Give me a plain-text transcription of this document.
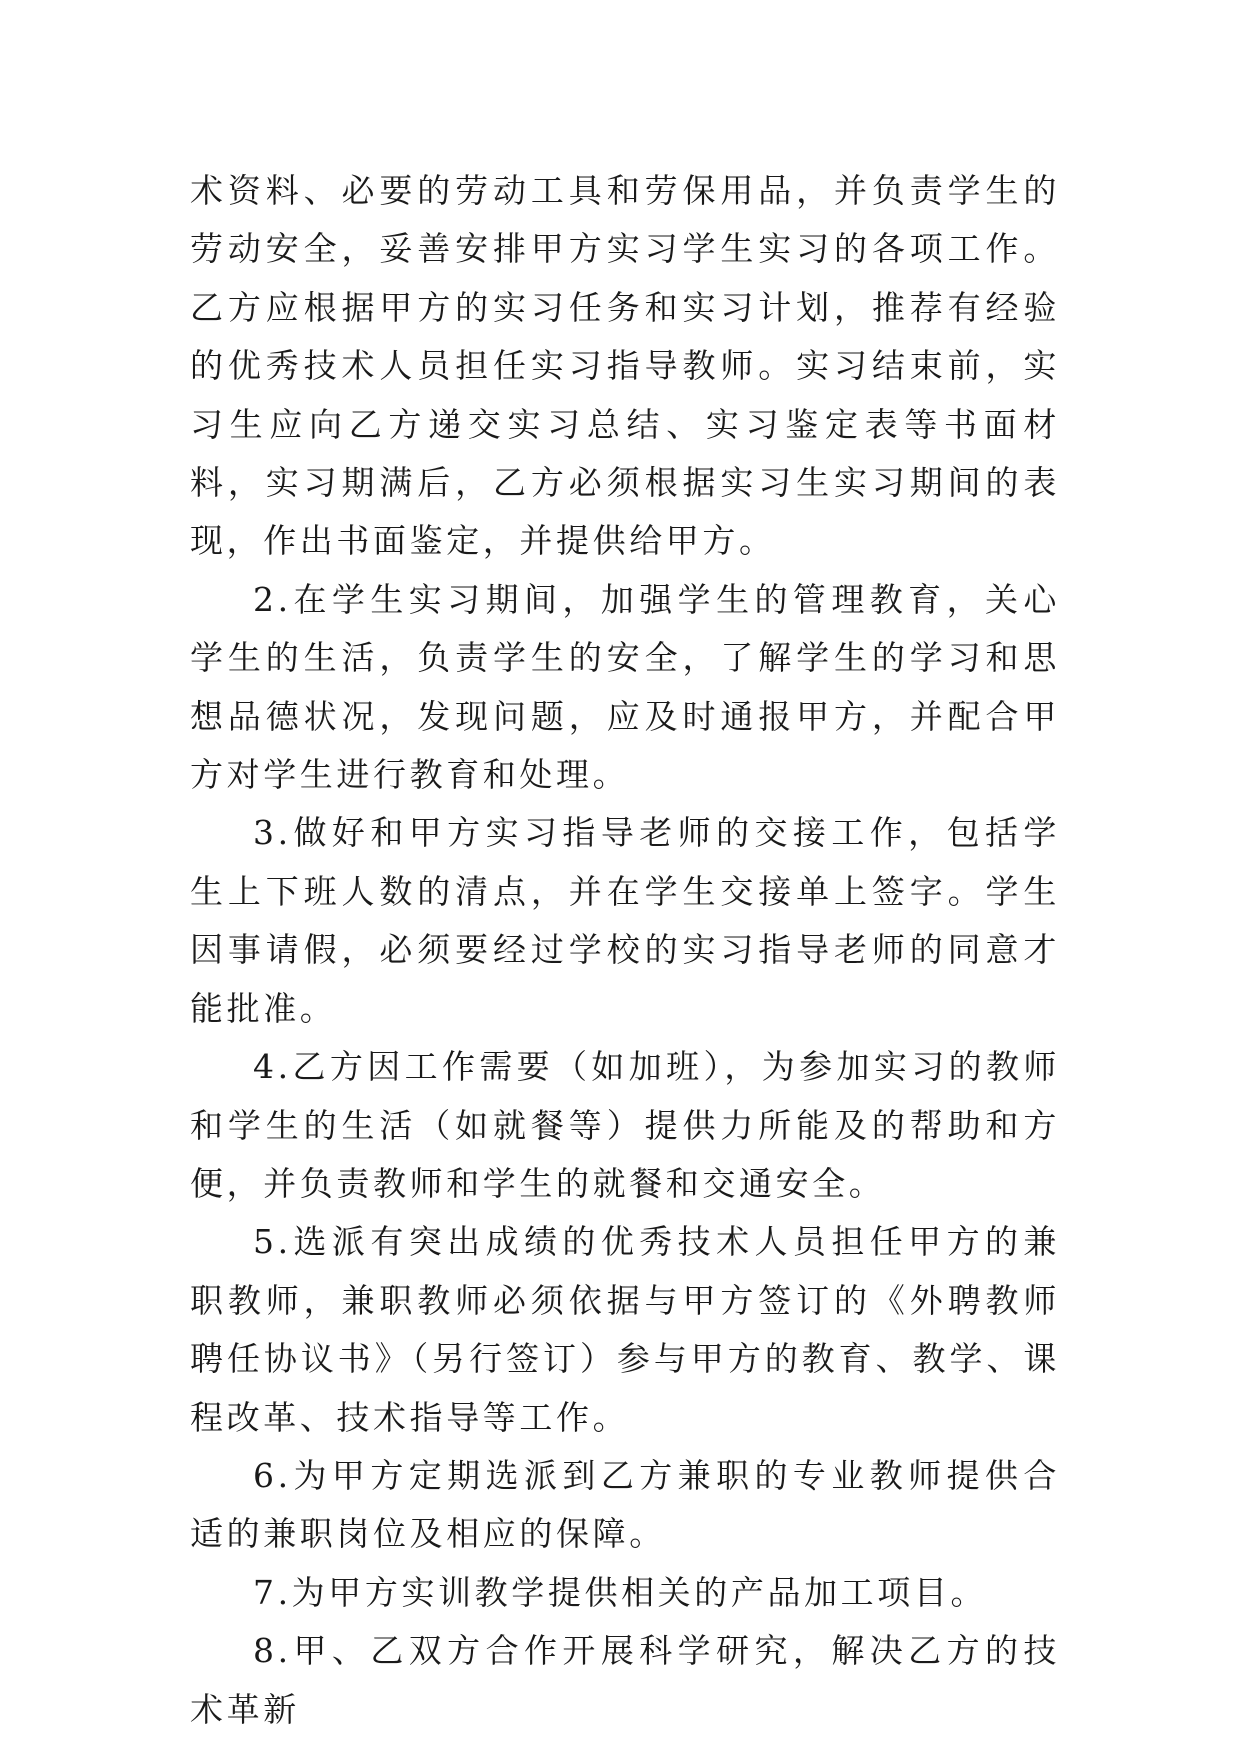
术资料、必要的劳动工具和劳保用品，并负责学生的劳动安全，妥善安排甲方实习学生实习的各项工作。乙方应根据甲方的实习任务和实习计划，推荐有经验的优秀技术人员担任实习指导教师。实习结束前，实习生应向乙方递交实习总结、实习鉴定表等书面材料，实习期满后，乙方必须根据实习生实习期间的表现，作出书面鉴定，并提供给甲方。

2.在学生实习期间，加强学生的管理教育，关心学生的生活，负责学生的安全，了解学生的学习和思想品德状况，发现问题，应及时通报甲方，并配合甲方对学生进行教育和处理。

3.做好和甲方实习指导老师的交接工作，包括学生上下班人数的清点，并在学生交接单上签字。学生因事请假，必须要经过学校的实习指导老师的同意才能批准。

4.乙方因工作需要（如加班），为参加实习的教师和学生的生活（如就餐等）提供力所能及的帮助和方便，并负责教师和学生的就餐和交通安全。

5.选派有突出成绩的优秀技术人员担任甲方的兼职教师，兼职教师必须依据与甲方签订的《外聘教师聘任协议书》（另行签订）参与甲方的教育、教学、课程改革、技术指导等工作。

6.为甲方定期选派到乙方兼职的专业教师提供合适的兼职岗位及相应的保障。

7.为甲方实训教学提供相关的产品加工项目。

8.甲、乙双方合作开展科学研究，解决乙方的技术革新
